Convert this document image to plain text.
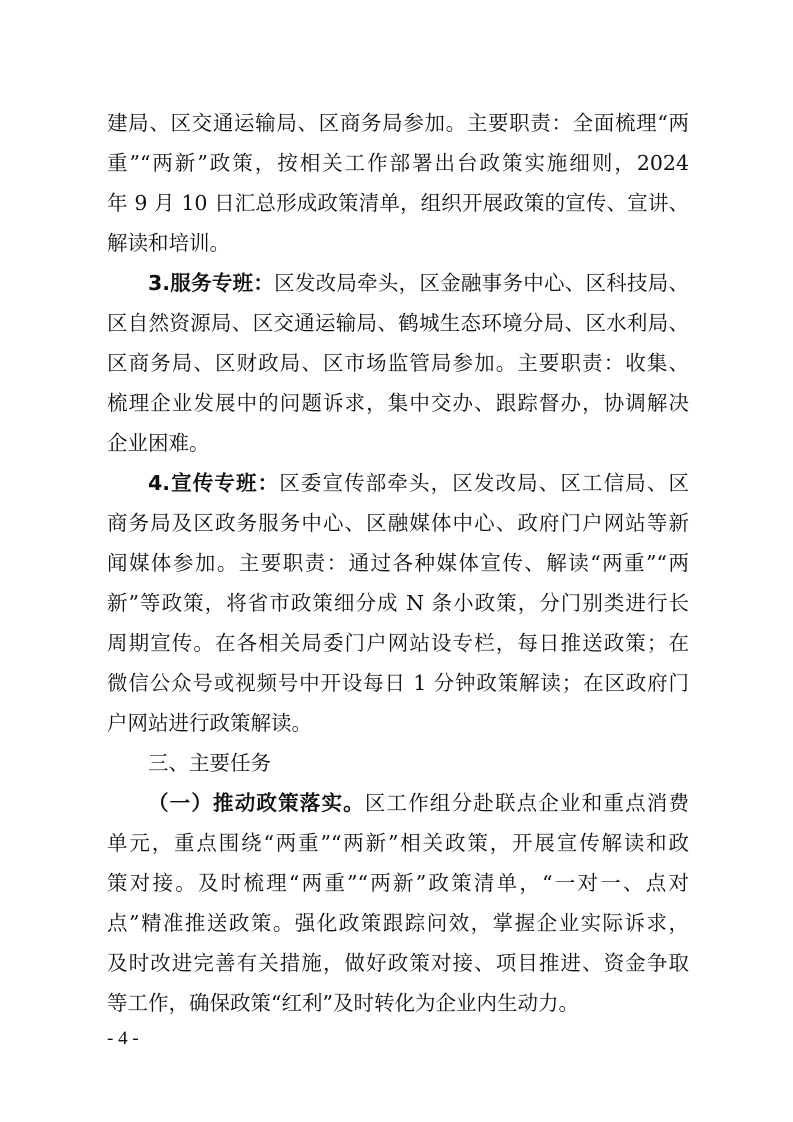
建局、区交通运输局、区商务局参加。主要职责：全面梳理“两
重”“两新”政策，按相关工作部署出台政策实施细则，2024
年 9 月 10 日汇总形成政策清单，组织开展政策的宣传、宣讲、
解读和培训。
3.服务专班：区发改局牵头，区金融事务中心、区科技局、
区自然资源局、区交通运输局、鹤城生态环境分局、区水利局、
区商务局、区财政局、区市场监管局参加。主要职责：收集、
梳理企业发展中的问题诉求，集中交办、跟踪督办，协调解决
企业困难。
4.宣传专班：区委宣传部牵头，区发改局、区工信局、区
商务局及区政务服务中心、区融媒体中心、政府门户网站等新
闻媒体参加。主要职责：通过各种媒体宣传、解读“两重”“两
新”等政策，将省市政策细分成 N 条小政策，分门别类进行长
周期宣传。在各相关局委门户网站设专栏，每日推送政策；在
微信公众号或视频号中开设每日 1 分钟政策解读；在区政府门
户网站进行政策解读。
三、主要任务
（一）推动政策落实。区工作组分赴联点企业和重点消费
单元，重点围绕“两重”“两新”相关政策，开展宣传解读和政
策对接。及时梳理“两重”“两新”政策清单，“一对一、点对
点”精准推送政策。强化政策跟踪问效，掌握企业实际诉求，
及时改进完善有关措施，做好政策对接、项目推进、资金争取
等工作，确保政策“红利”及时转化为企业内生动力。
- 4 -
